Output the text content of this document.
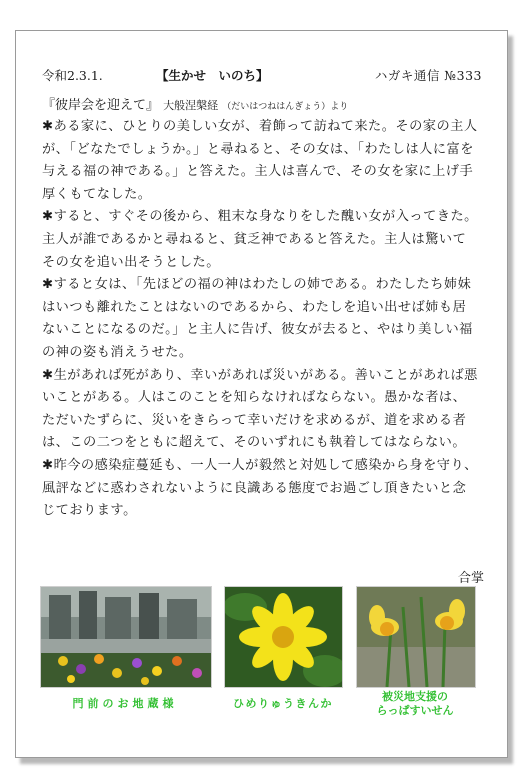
令和2.3.1.	【生かせ　いのち】	ハガキ通信 №333
『彼岸会を迎えて』 大般涅槃経 （だいはつねはんぎょう）より

✱ある家に、ひとりの美しい女が、着飾って訪ねて来た。その家の主人が、「どなたでしょうか。」と尋ねると、その女は、「わたしは人に富を与える福の神である。」と答えた。主人は喜んで、その女を家に上げ手厚くもてなした。

✱すると、すぐその後から、粗末な身なりをした醜い女が入ってきた。主人が誰であるかと尋ねると、貧乏神であると答えた。主人は驚いてその女を追い出そうとした。

✱すると女は、「先ほどの福の神はわたしの姉である。わたしたち姉妹はいつも離れたことはないのであるから、わたしを追い出せば姉も居ないことになるのだ。」と主人に告げ、彼女が去ると、やはり美しい福の神の姿も消えうせた。

✱生があれば死があり、幸いがあれば災いがある。善いことがあれば悪いことがある。人はこのことを知らなければならない。愚かな者は、ただいたずらに、災いをきらって幸いだけを求めるが、道を求める者は、この二つをともに超えて、そのいずれにも執着してはならない。

✱昨今の感染症蔓延も、一人一人が毅然と対処して感染から身を守り、風評などに惑わされないように良識ある態度でお過ごし頂きたいと念じております。

合掌
門前のお地蔵様	ひめりゅうきんか
被災地支援の
らっぱすいせん
